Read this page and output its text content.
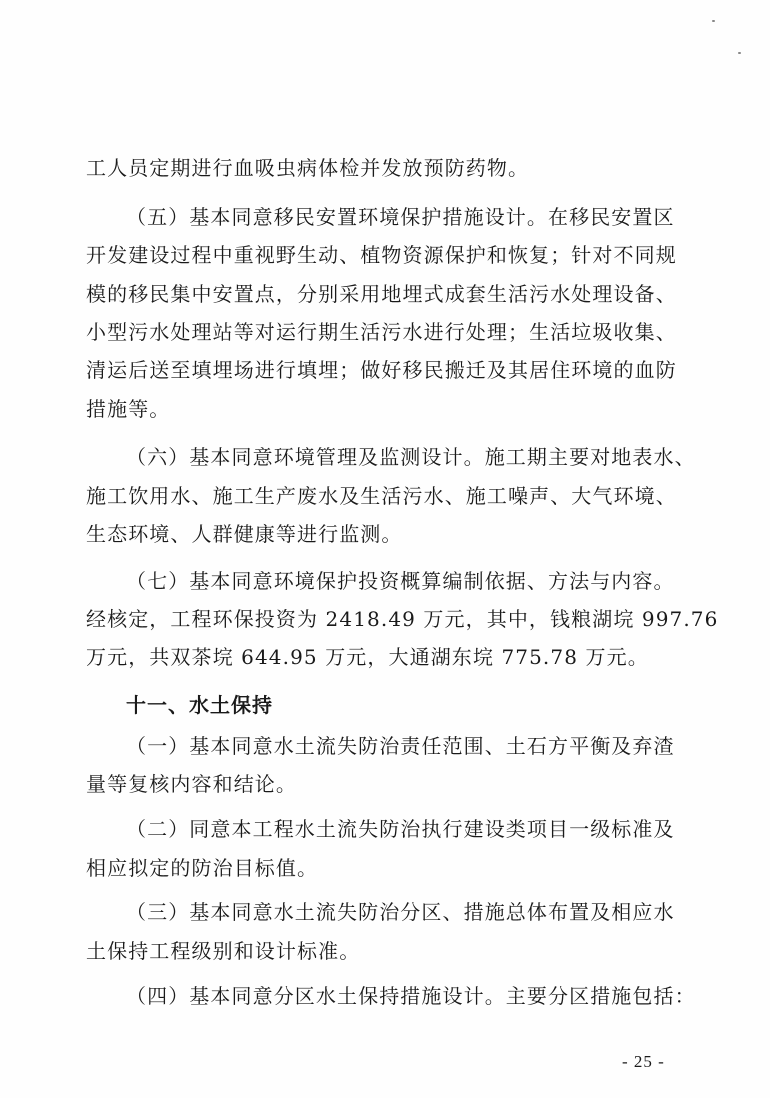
工人员定期进行血吸虫病体检并发放预防药物。
（五）基本同意移民安置环境保护措施设计。在移民安置区
开发建设过程中重视野生动、植物资源保护和恢复；针对不同规
模的移民集中安置点，分别采用地埋式成套生活污水处理设备、
小型污水处理站等对运行期生活污水进行处理；生活垃圾收集、
清运后送至填埋场进行填埋；做好移民搬迁及其居住环境的血防
措施等。
（六）基本同意环境管理及监测设计。施工期主要对地表水、
施工饮用水、施工生产废水及生活污水、施工噪声、大气环境、
生态环境、人群健康等进行监测。
（七）基本同意环境保护投资概算编制依据、方法与内容。
经核定，工程环保投资为 2418.49 万元，其中，钱粮湖垸 997.76
万元，共双茶垸 644.95 万元，大通湖东垸 775.78 万元。
十一、水土保持
（一）基本同意水土流失防治责任范围、土石方平衡及弃渣
量等复核内容和结论。
（二）同意本工程水土流失防治执行建设类项目一级标准及
相应拟定的防治目标值。
（三）基本同意水土流失防治分区、措施总体布置及相应水
土保持工程级别和设计标准。
（四）基本同意分区水土保持措施设计。主要分区措施包括：
- 25 -
